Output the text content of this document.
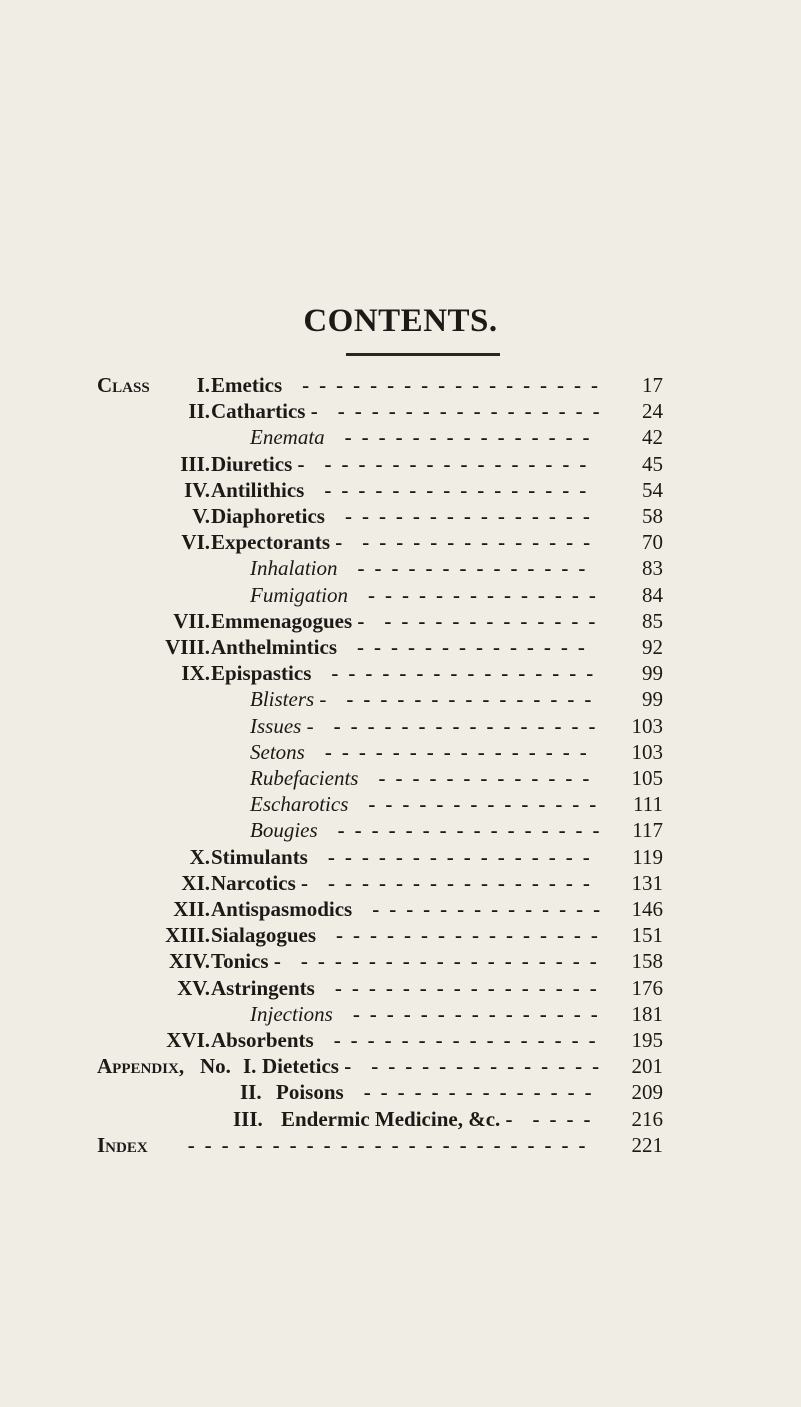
CONTENTS.
Class I. Emetics ------------------ 17
II. Cathartics - ---------------- 24
Enemata --------------- 42
III. Diuretics - ---------------- 45
IV. Antilithics ---------------- 54
V. Diaphoretics --------------- 58
VI. Expectorants - -------------- 70
Inhalation -------------- 83
Fumigation -------------- 84
VII. Emmenagogues - ------------- 85
VIII. Anthelmintics -------------- 92
IX. Epispastics ---------------- 99
Blisters - --------------- 99
Issues - ---------------- 103
Setons ---------------- 103
Rubefacients ------------- 105
Escharotics -------------- 111
Bougies ---------------- 117
X. Stimulants ---------------- 119
XI. Narcotics - ---------------- 131
XII. Antispasmodics -------------- 146
XIII. Sialagogues ---------------- 151
XIV. Tonics - ------------------ 158
XV. Astringents ---------------- 176
Injections --------------- 181
XVI. Absorbents ---------------- 195
Appendix, No. I. Dietetics - -------------- 201
II. Poisons -------------- 209
III. Endermic Medicine, &c. - ---- 216
Index ------------------------ 221
